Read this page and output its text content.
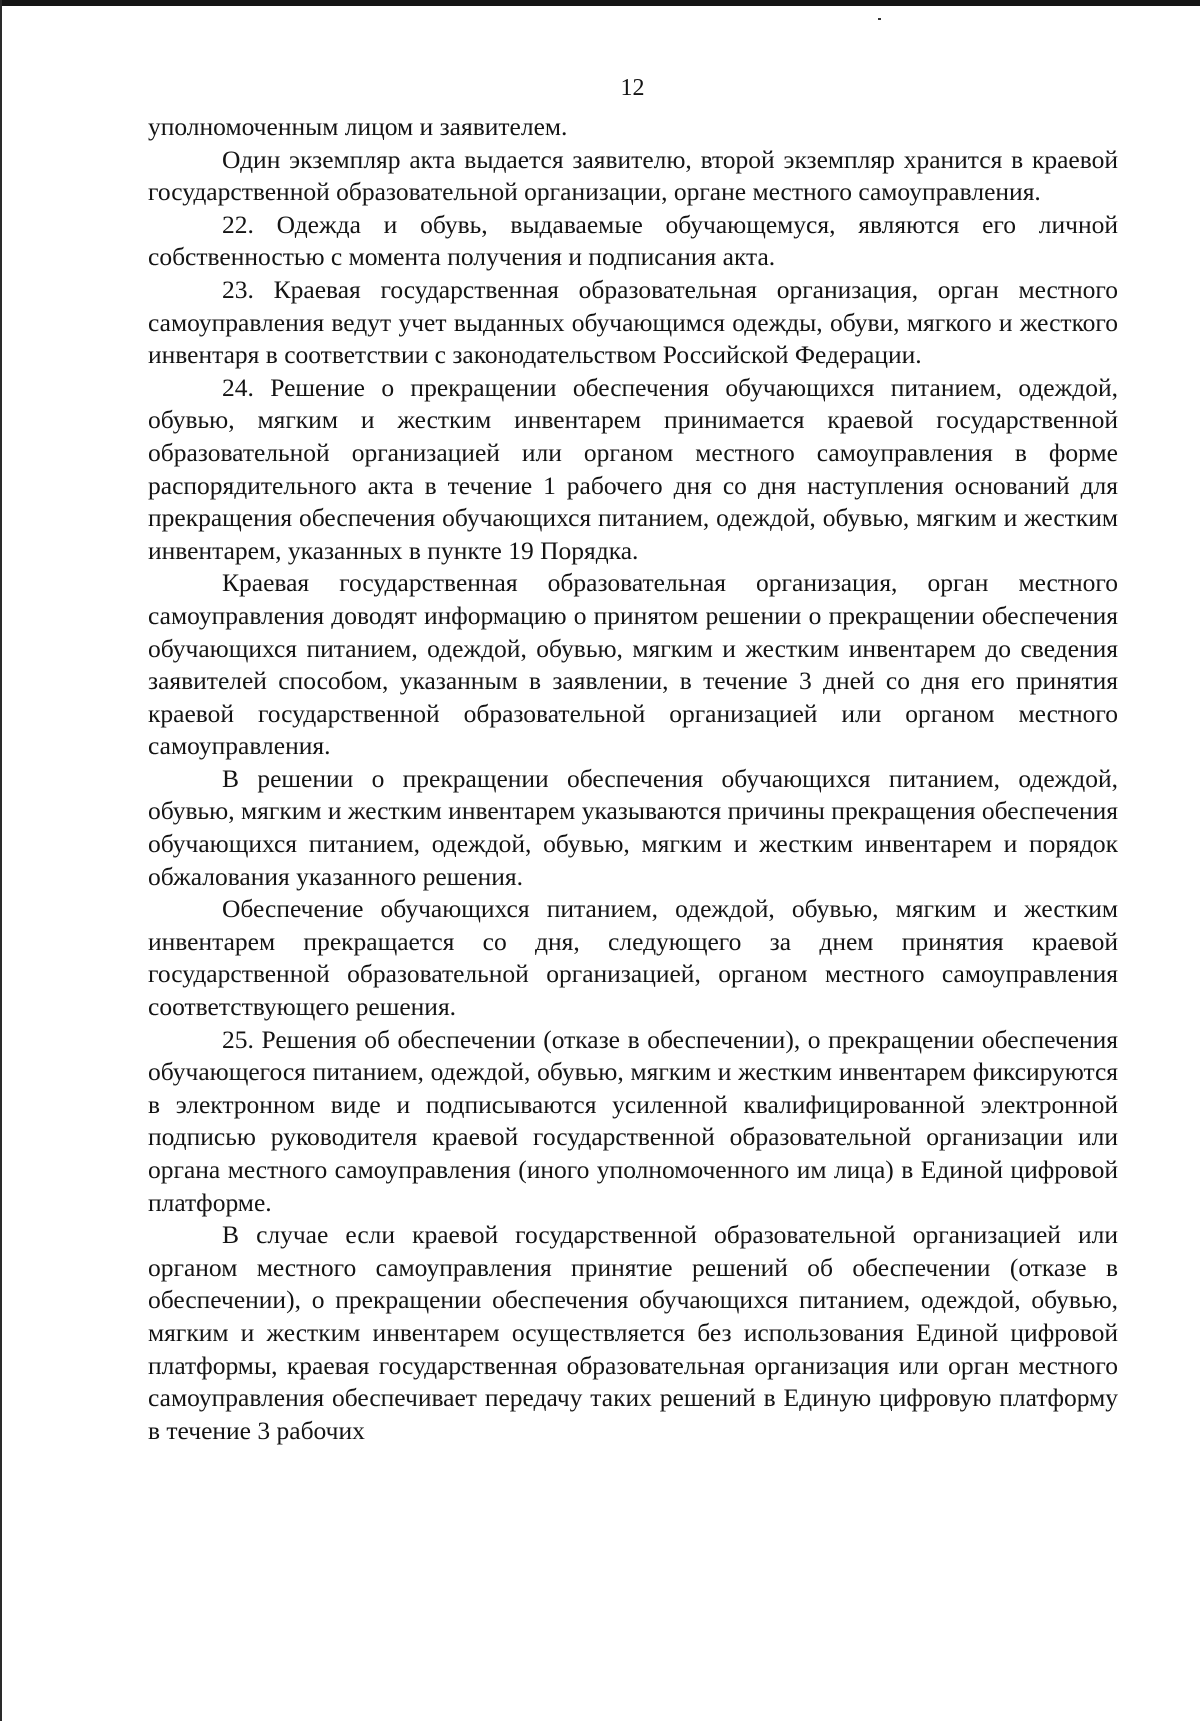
12

уполномоченным лицом и заявителем.

Один экземпляр акта выдается заявителю, второй экземпляр хранится в краевой государственной образовательной организации, органе местного самоуправления.

22. Одежда и обувь, выдаваемые обучающемуся, являются его личной собственностью с момента получения и подписания акта.

23. Краевая государственная образовательная организация, орган местного самоуправления ведут учет выданных обучающимся одежды, обуви, мягкого и жесткого инвентаря в соответствии с законодательством Российской Федерации.

24. Решение о прекращении обеспечения обучающихся питанием, одеждой, обувью, мягким и жестким инвентарем принимается краевой государственной образовательной организацией или органом местного самоуправления в форме распорядительного акта в течение 1 рабочего дня со дня наступления оснований для прекращения обеспечения обучающихся питанием, одеждой, обувью, мягким и жестким инвентарем, указанных в пункте 19 Порядка.

Краевая государственная образовательная организация, орган местного самоуправления доводят информацию о принятом решении о прекращении обеспечения обучающихся питанием, одеждой, обувью, мягким и жестким инвентарем до сведения заявителей способом, указанным в заявлении, в течение 3 дней со дня его принятия краевой государственной образовательной организацией или органом местного самоуправления.

В решении о прекращении обеспечения обучающихся питанием, одеждой, обувью, мягким и жестким инвентарем указываются причины прекращения обеспечения обучающихся питанием, одеждой, обувью, мягким и жестким инвентарем и порядок обжалования указанного решения.

Обеспечение обучающихся питанием, одеждой, обувью, мягким и жестким инвентарем прекращается со дня, следующего за днем принятия краевой государственной образовательной организацией, органом местного самоуправления соответствующего решения.

25. Решения об обеспечении (отказе в обеспечении), о прекращении обеспечения обучающегося питанием, одеждой, обувью, мягким и жестким инвентарем фиксируются в электронном виде и подписываются усиленной квалифицированной электронной подписью руководителя краевой государственной образовательной организации или органа местного самоуправления (иного уполномоченного им лица) в Единой цифровой платформе.

В случае если краевой государственной образовательной организацией или органом местного самоуправления принятие решений об обеспечении (отказе в обеспечении), о прекращении обеспечения обучающихся питанием, одеждой, обувью, мягким и жестким инвентарем осуществляется без использования Единой цифровой платформы, краевая государственная образовательная организация или орган местного самоуправления обеспечивает передачу таких решений в Единую цифровую платформу в течение 3 рабочих
